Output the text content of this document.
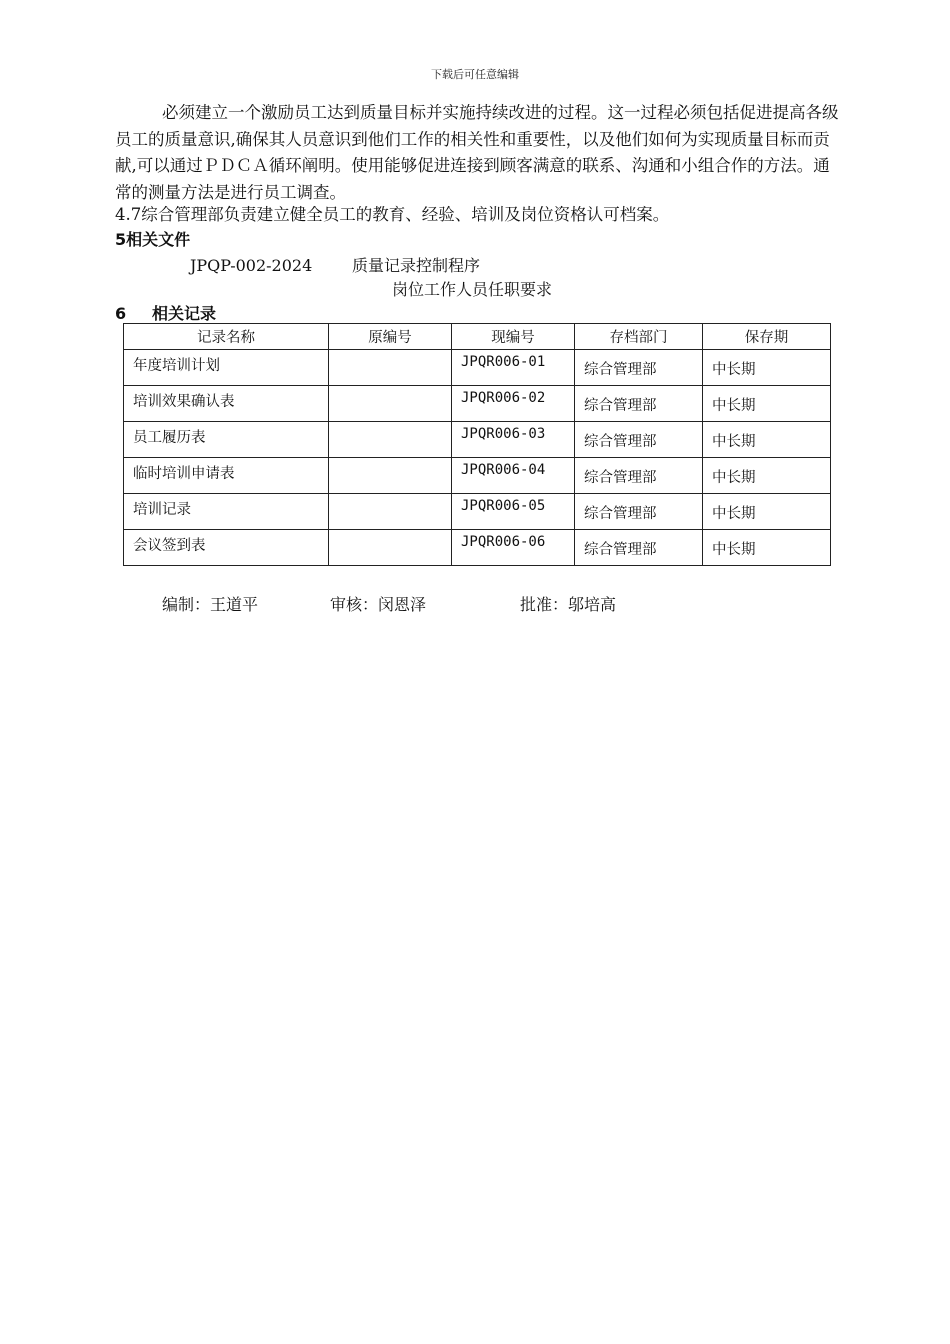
下载后可任意编辑
必须建立一个激励员工达到质量目标并实施持续改进的过程。这一过程必须包括促进提高各级员工的质量意识,确保其人员意识到他们工作的相关性和重要性，以及他们如何为实现质量目标而贡献,可以通过ＰＤＣＡ循环阐明。使用能够促进连接到顾客满意的联系、沟通和小组合作的方法。通常的测量方法是进行员工调查。
4.7综合管理部负责建立健全员工的教育、经验、培训及岗位资格认可档案。
5相关文件
JPQP-002-2024 质量记录控制程序
岗位工作人员任职要求
6 相关记录
记录名称	原编号	现编号	存档部门	保存期

年度培训计划		JPQR006-01	综合管理部	中长期

培训效果确认表		JPQR006-02	综合管理部	中长期

员工履历表		JPQR006-03	综合管理部	中长期

临时培训申请表		JPQR006-04	综合管理部	中长期

培训记录		JPQR006-05	综合管理部	中长期

会议签到表		JPQR006-06	综合管理部	中长期
编制：王道平	审核：闵恩泽	批准：邬培高
